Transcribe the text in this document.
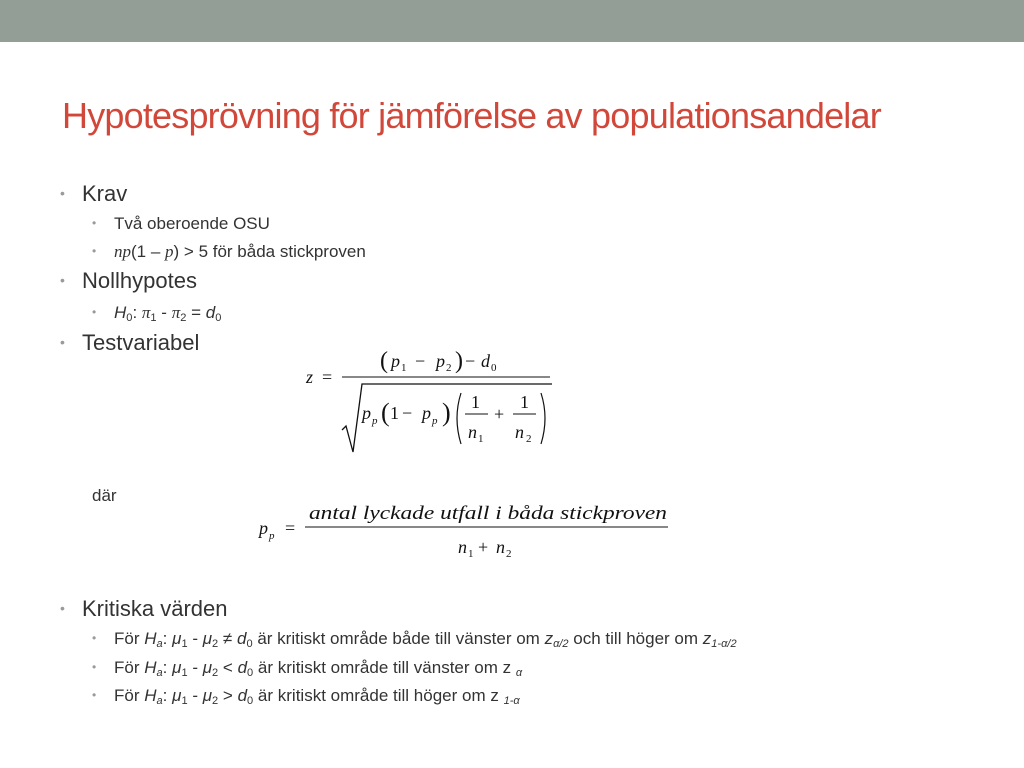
Hypotesprövning för jämförelse av populationsandelar
• Krav
• Två oberoende OSU
• np(1 – p) > 5 för båda stickproven
• Nollhypotes
• $H_0$: $\pi_1 - \pi_2 = d_0$
• Testvariabel
z =
( p 1 − p 2 ) − d 0
p p ( 1 − p p ) 1
n 1
+
1
n 2
där
p p =
antal lyckade utfall i båda stickproven
n 1 + n 2
• Kritiska värden
• För $H_a$: $\mu_1 - \mu_2 \ne d_0$ är kritiskt område både till vänster om $z_{\alpha/2}$ och till höger om $z_{1-\alpha/2}$
• För $H_a$: $\mu_1 - \mu_2 < d_0$ är kritiskt område till vänster om z $_\alpha$
• För $H_a$: $\mu_1 - \mu_2 > d_0$ är kritiskt område till höger om z $_{1-\alpha}$
